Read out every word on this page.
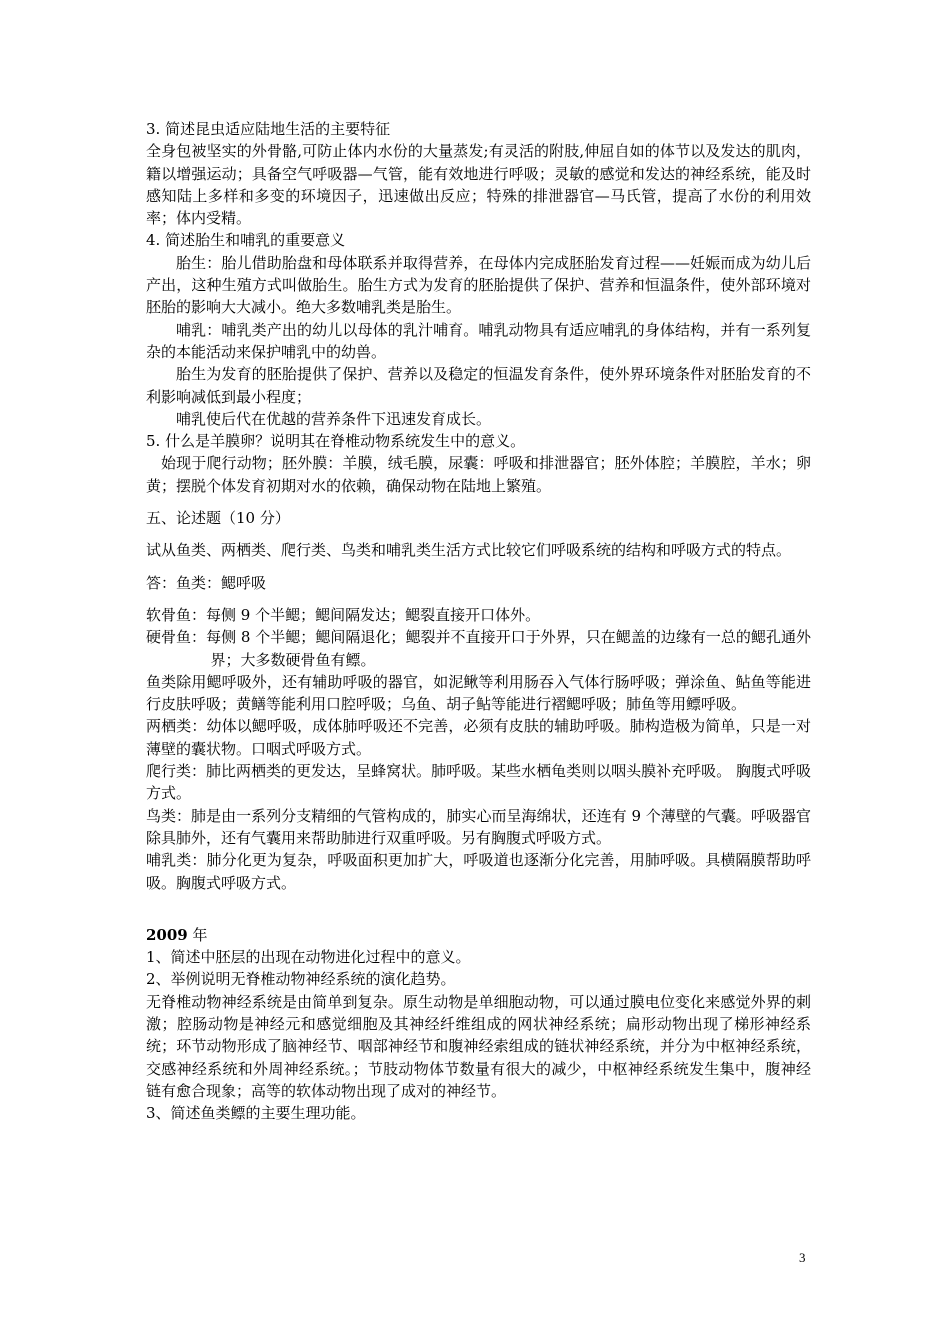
3. 简述昆虫适应陆地生活的主要特征

全身包被坚实的外骨骼,可防止体内水份的大量蒸发;有灵活的附肢,伸屈自如的体节以及发达的肌肉，籍以增强运动；具备空气呼吸器—气管，能有效地进行呼吸；灵敏的感觉和发达的神经系统，能及时感知陆上多样和多变的环境因子，迅速做出反应；特殊的排泄器官—马氏管，提高了水份的利用效率；体内受精。

4. 简述胎生和哺乳的重要意义

胎生：胎儿借助胎盘和母体联系并取得营养，在母体内完成胚胎发育过程——妊娠而成为幼儿后产出，这种生殖方式叫做胎生。胎生方式为发育的胚胎提供了保护、营养和恒温条件，使外部环境对胚胎的影响大大减小。绝大多数哺乳类是胎生。

哺乳：哺乳类产出的幼儿以母体的乳汁哺育。哺乳动物具有适应哺乳的身体结构，并有一系列复杂的本能活动来保护哺乳中的幼兽。

胎生为发育的胚胎提供了保护、营养以及稳定的恒温发育条件，使外界环境条件对胚胎发育的不利影响减低到最小程度；

哺乳使后代在优越的营养条件下迅速发育成长。

5. 什么是羊膜卵？说明其在脊椎动物系统发生中的意义。

始现于爬行动物；胚外膜：羊膜，绒毛膜，尿囊：呼吸和排泄器官；胚外体腔；羊膜腔，羊水；卵黄；摆脱个体发育初期对水的依赖，确保动物在陆地上繁殖。

五、论述题（10 分）

试从鱼类、两栖类、爬行类、鸟类和哺乳类生活方式比较它们呼吸系统的结构和呼吸方式的特点。

答：鱼类：鳃呼吸

软骨鱼：每侧 9 个半鳃；鳃间隔发达；鳃裂直接开口体外。

硬骨鱼：每侧 8 个半鳃；鳃间隔退化；鳃裂并不直接开口于外界，只在鳃盖的边缘有一总的鳃孔通外界；大多数硬骨鱼有鳔。

鱼类除用鳃呼吸外，还有辅助呼吸的器官，如泥鳅等利用肠吞入气体行肠呼吸；弹涂鱼、鲇鱼等能进行皮肤呼吸；黄鳝等能利用口腔呼吸；乌鱼、胡子鲇等能进行褶鳃呼吸；肺鱼等用鳔呼吸。

两栖类：幼体以鳃呼吸，成体肺呼吸还不完善，必须有皮肤的辅助呼吸。肺构造极为简单，只是一对薄壁的囊状物。口咽式呼吸方式。

爬行类：肺比两栖类的更发达，呈蜂窝状。肺呼吸。某些水栖龟类则以咽头膜补充呼吸。 胸腹式呼吸方式。

鸟类：肺是由一系列分支精细的气管构成的，肺实心而呈海绵状，还连有 9 个薄壁的气囊。呼吸器官除具肺外，还有气囊用来帮助肺进行双重呼吸。另有胸腹式呼吸方式。

哺乳类：肺分化更为复杂，呼吸面积更加扩大，呼吸道也逐渐分化完善，用肺呼吸。具横隔膜帮助呼吸。胸腹式呼吸方式。

2009 年

1、简述中胚层的出现在动物进化过程中的意义。

2、举例说明无脊椎动物神经系统的演化趋势。

无脊椎动物神经系统是由简单到复杂。原生动物是单细胞动物，可以通过膜电位变化来感觉外界的刺激；腔肠动物是神经元和感觉细胞及其神经纤维组成的网状神经系统；扁形动物出现了梯形神经系统；环节动物形成了脑神经节、咽部神经节和腹神经索组成的链状神经系统，并分为中枢神经系统，交感神经系统和外周神经系统。；节肢动物体节数量有很大的减少，中枢神经系统发生集中，腹神经链有愈合现象；高等的软体动物出现了成对的神经节。

3、简述鱼类鳔的主要生理功能。

3
